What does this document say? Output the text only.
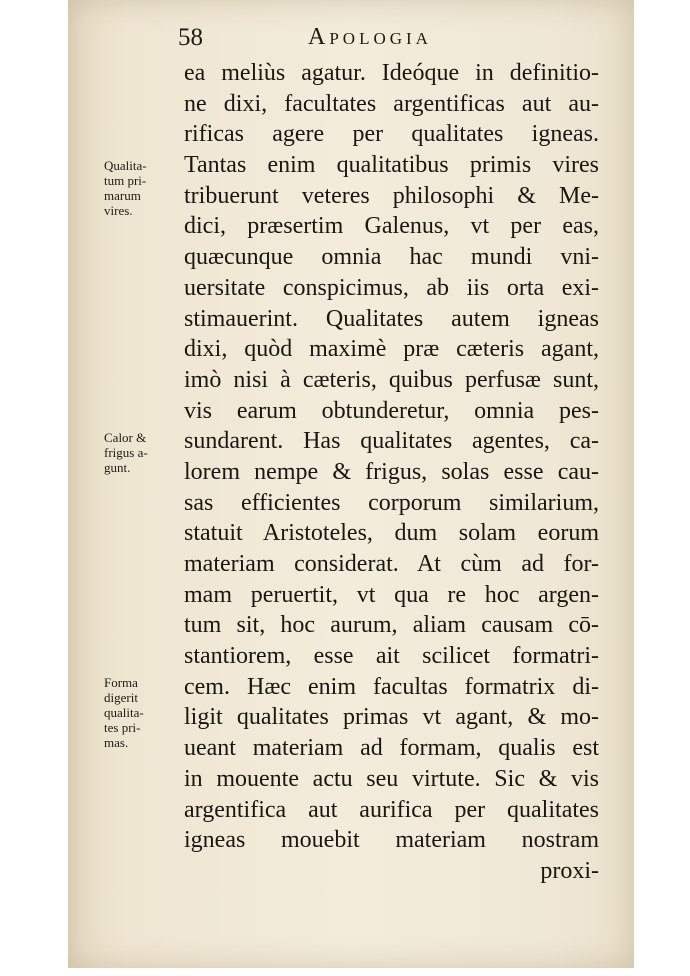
58	Apologia
Qualita-
tum pri-
marum
vires.
Calor &
frigus a-
gunt.
Forma
digerit
qualita-
tes pri-
mas.
ea meliùs agatur. Ideóque in definitio-
ne dixi, facultates argentificas aut au-
rificas agere per qualitates igneas.
Tantas enim qualitatibus primis vires
tribuerunt veteres philosophi & Me-
dici, præsertim Galenus, vt per eas,
quæcunque omnia hac mundi vni-
uersitate conspicimus, ab iis orta exi-
stimauerint. Qualitates autem igneas
dixi, quòd maximè præ cæteris agant,
imò nisi à cæteris, quibus perfusæ sunt,
vis earum obtunderetur, omnia pes-
sundarent. Has qualitates agentes, ca-
lorem nempe & frigus, solas esse cau-
sas efficientes corporum similarium,
statuit Aristoteles, dum solam eorum
materiam considerat. At cùm ad for-
mam peruertit, vt qua re hoc argen-
tum sit, hoc aurum, aliam causam cō-
stantiorem, esse ait scilicet formatri-
cem. Hæc enim facultas formatrix di-
ligit qualitates primas vt agant, & mo-
ueant materiam ad formam, qualis est
in mouente actu seu virtute. Sic & vis
argentifica aut aurifica per qualitates
igneas mouebit materiam nostram
proxi-
